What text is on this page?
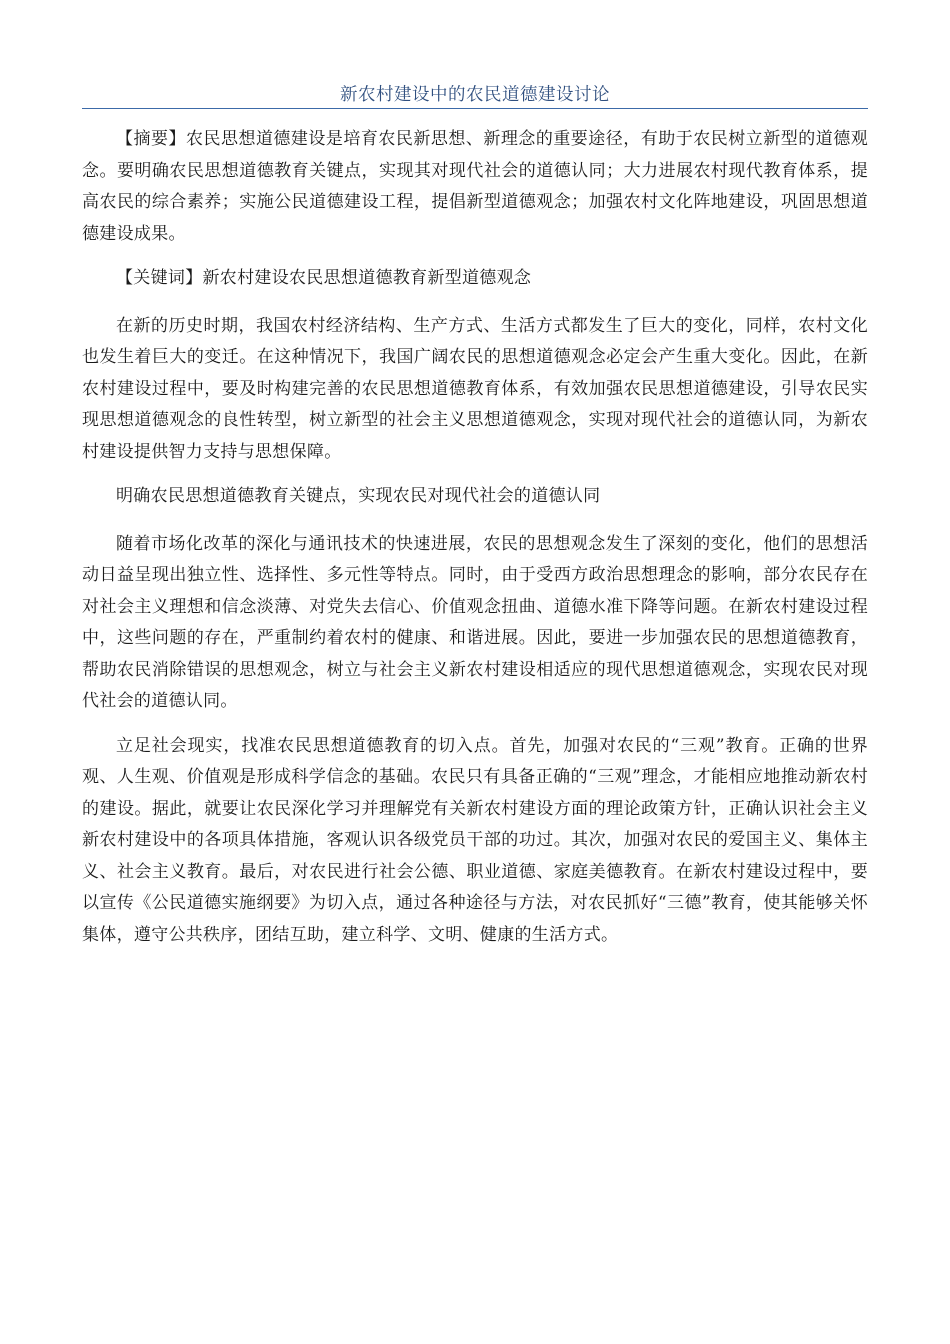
新农村建设中的农民道德建设讨论

【摘要】农民思想道德建设是培育农民新思想、新理念的重要途径，有助于农民树立新型的道德观念。要明确农民思想道德教育关键点，实现其对现代社会的道德认同；大力进展农村现代教育体系，提高农民的综合素养；实施公民道德建设工程，提倡新型道德观念；加强农村文化阵地建设，巩固思想道德建设成果。

【关键词】新农村建设农民思想道德教育新型道德观念

在新的历史时期，我国农村经济结构、生产方式、生活方式都发生了巨大的变化，同样，农村文化也发生着巨大的变迁。在这种情况下，我国广阔农民的思想道德观念必定会产生重大变化。因此，在新农村建设过程中，要及时构建完善的农民思想道德教育体系，有效加强农民思想道德建设，引导农民实现思想道德观念的良性转型，树立新型的社会主义思想道德观念，实现对现代社会的道德认同，为新农村建设提供智力支持与思想保障。

明确农民思想道德教育关键点，实现农民对现代社会的道德认同

随着市场化改革的深化与通讯技术的快速进展，农民的思想观念发生了深刻的变化，他们的思想活动日益呈现出独立性、选择性、多元性等特点。同时，由于受西方政治思想理念的影响，部分农民存在对社会主义理想和信念淡薄、对党失去信心、价值观念扭曲、道德水准下降等问题。在新农村建设过程中，这些问题的存在，严重制约着农村的健康、和谐进展。因此，要进一步加强农民的思想道德教育，帮助农民消除错误的思想观念，树立与社会主义新农村建设相适应的现代思想道德观念，实现农民对现代社会的道德认同。

立足社会现实，找准农民思想道德教育的切入点。首先，加强对农民的“三观”教育。正确的世界观、人生观、价值观是形成科学信念的基础。农民只有具备正确的“三观”理念，才能相应地推动新农村的建设。据此，就要让农民深化学习并理解党有关新农村建设方面的理论政策方针，正确认识社会主义新农村建设中的各项具体措施，客观认识各级党员干部的功过。其次，加强对农民的爱国主义、集体主义、社会主义教育。最后，对农民进行社会公德、职业道德、家庭美德教育。在新农村建设过程中，要以宣传《公民道德实施纲要》为切入点，通过各种途径与方法，对农民抓好“三德”教育，使其能够关怀集体，遵守公共秩序，团结互助，建立科学、文明、健康的生活方式。
